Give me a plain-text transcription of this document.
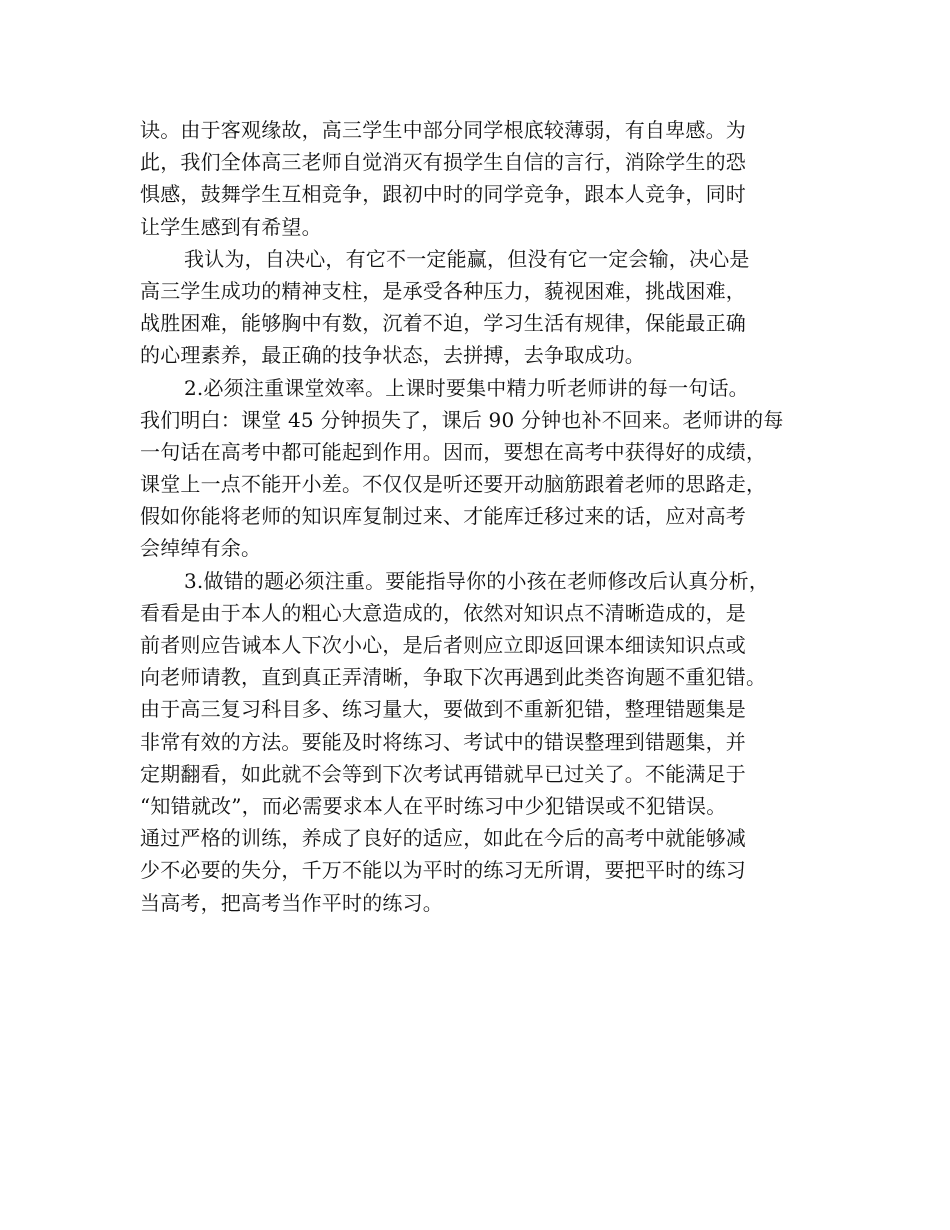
诀。由于客观缘故，高三学生中部分同学根底较薄弱，有自卑感。为
此，我们全体高三老师自觉消灭有损学生自信的言行，消除学生的恐
惧感，鼓舞学生互相竞争，跟初中时的同学竞争，跟本人竞争，同时
让学生感到有希望。
我认为，自决心，有它不一定能赢，但没有它一定会输，决心是
高三学生成功的精神支柱，是承受各种压力，藐视困难，挑战困难，
战胜困难，能够胸中有数，沉着不迫，学习生活有规律，保能最正确
的心理素养，最正确的技争状态，去拼搏，去争取成功。
2.必须注重课堂效率。上课时要集中精力听老师讲的每一句话。
我们明白：课堂 45 分钟损失了，课后 90 分钟也补不回来。老师讲的每
一句话在高考中都可能起到作用。因而，要想在高考中获得好的成绩，
课堂上一点不能开小差。不仅仅是听还要开动脑筋跟着老师的思路走，
假如你能将老师的知识库复制过来、才能库迁移过来的话，应对高考
会绰绰有余。
3.做错的题必须注重。要能指导你的小孩在老师修改后认真分析，
看看是由于本人的粗心大意造成的，依然对知识点不清晰造成的，是
前者则应告诫本人下次小心，是后者则应立即返回课本细读知识点或
向老师请教，直到真正弄清晰，争取下次再遇到此类咨询题不重犯错。
由于高三复习科目多、练习量大，要做到不重新犯错，整理错题集是
非常有效的方法。要能及时将练习、考试中的错误整理到错题集，并
定期翻看，如此就不会等到下次考试再错就早已过关了。不能满足于
“知错就改”，而必需要求本人在平时练习中少犯错误或不犯错误。
通过严格的训练，养成了良好的适应，如此在今后的高考中就能够减
少不必要的失分，千万不能以为平时的练习无所谓，要把平时的练习
当高考，把高考当作平时的练习。
